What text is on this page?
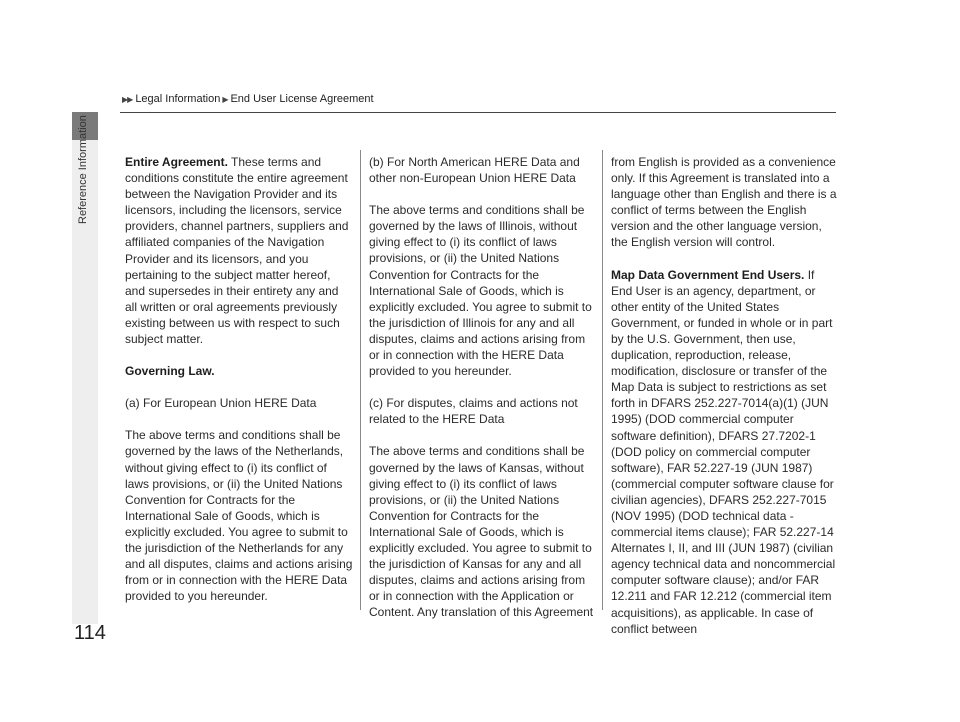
Reference Information
▶▶ Legal Information ▶ End User License Agreement

Entire Agreement. These terms and conditions constitute the entire agreement between the Navigation Provider and its licensors, including the licensors, service providers, channel partners, suppliers and affiliated companies of the Navigation Provider and its licensors, and you pertaining to the subject matter hereof, and supersedes in their entirety any and all written or oral agreements previously existing between us with respect to such subject matter.

Governing Law.

(a) For European Union HERE Data

The above terms and conditions shall be governed by the laws of the Netherlands, without giving effect to (i) its conflict of laws provisions, or (ii) the United Nations Convention for Contracts for the International Sale of Goods, which is explicitly excluded. You agree to submit to the jurisdiction of the Netherlands for any and all disputes, claims and actions arising from or in connection with the HERE Data provided to you hereunder.

(b) For North American HERE Data and other non-European Union HERE Data

The above terms and conditions shall be governed by the laws of Illinois, without giving effect to (i) its conflict of laws provisions, or (ii) the United Nations Convention for Contracts for the International Sale of Goods, which is explicitly excluded. You agree to submit to the jurisdiction of Illinois for any and all disputes, claims and actions arising from or in connection with the HERE Data provided to you hereunder.

(c) For disputes, claims and actions not related to the HERE Data

The above terms and conditions shall be governed by the laws of Kansas, without giving effect to (i) its conflict of laws provisions, or (ii) the United Nations Convention for Contracts for the International Sale of Goods, which is explicitly excluded. You agree to submit to the jurisdiction of Kansas for any and all disputes, claims and actions arising from or in connection with the Application or Content. Any translation of this Agreement

from English is provided as a convenience only. If this Agreement is translated into a language other than English and there is a conflict of terms between the English version and the other language version, the English version will control.

Map Data Government End Users. If End User is an agency, department, or other entity of the United States Government, or funded in whole or in part by the U.S. Government, then use, duplication, reproduction, release, modification, disclosure or transfer of the Map Data is subject to restrictions as set forth in DFARS 252.227-7014(a)(1) (JUN 1995) (DOD commercial computer software definition), DFARS 27.7202-1 (DOD policy on commercial computer software), FAR 52.227-19 (JUN 1987) (commercial computer software clause for civilian agencies), DFARS 252.227-7015 (NOV 1995) (DOD technical data - commercial items clause); FAR 52.227-14 Alternates I, II, and III (JUN 1987) (civilian agency technical data and noncommercial computer software clause); and/or FAR 12.211 and FAR 12.212 (commercial item acquisitions), as applicable. In case of conflict between

114
